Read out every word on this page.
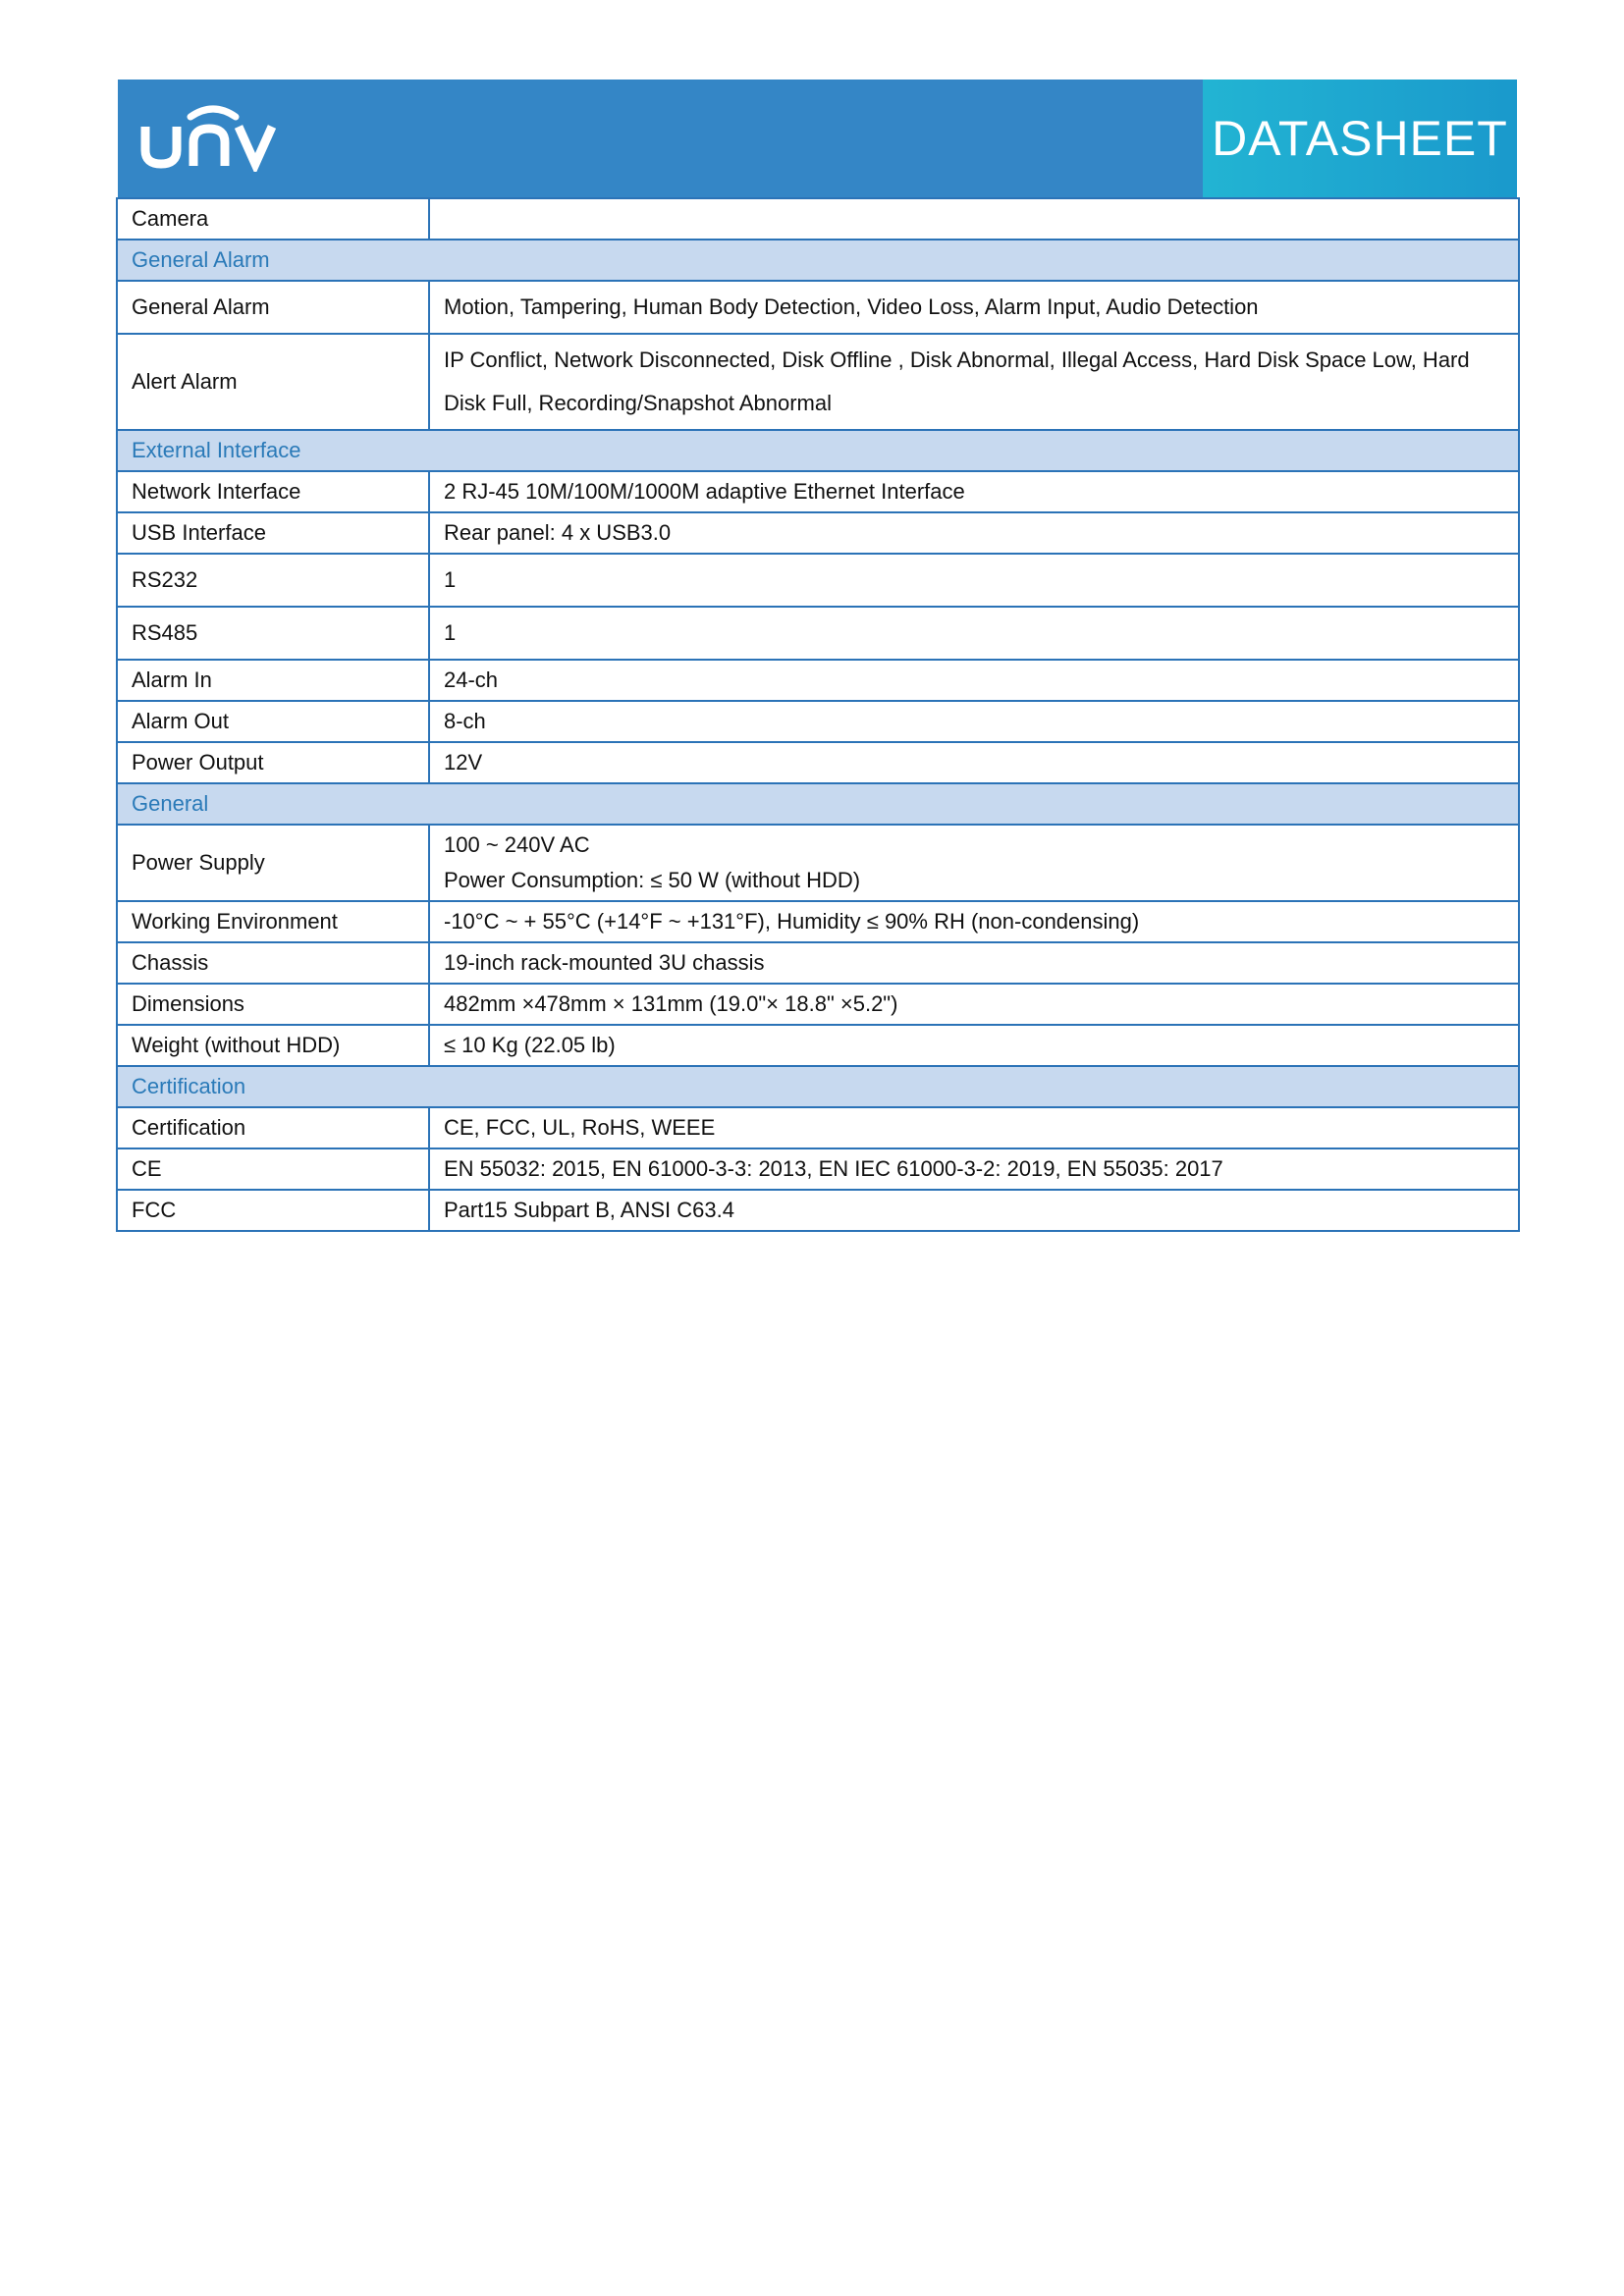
DATASHEET
Camera	
General Alarm	
General Alarm	Motion, Tampering, Human Body Detection, Video Loss, Alarm Input, Audio Detection
Alert Alarm	IP Conflict, Network Disconnected, Disk Offline , Disk Abnormal, Illegal Access, Hard Disk Space Low, Hard
Disk Full, Recording/Snapshot Abnormal

External Interface	
Network Interface	2 RJ-45 10M/100M/1000M adaptive Ethernet Interface
USB Interface	Rear panel: 4 x USB3.0
RS232	1
RS485	1
Alarm In	24-ch
Alarm Out	8-ch
Power Output	12V
General	
Power Supply	100 ~ 240V AC
Power Consumption: ≤ 50 W (without HDD)

Working Environment	-10°C ~ + 55°C (+14°F ~ +131°F), Humidity ≤ 90% RH (non-condensing)
Chassis	19-inch rack-mounted 3U chassis
Dimensions	482mm ×478mm × 131mm (19.0"× 18.8" ×5.2")
Weight (without HDD)	≤ 10 Kg (22.05 lb)
Certification	
Certification	CE, FCC, UL, RoHS, WEEE
CE	EN 55032: 2015, EN 61000-3-3: 2013, EN IEC 61000-3-2: 2019, EN 55035: 2017
FCC	Part15 Subpart B, ANSI C63.4
